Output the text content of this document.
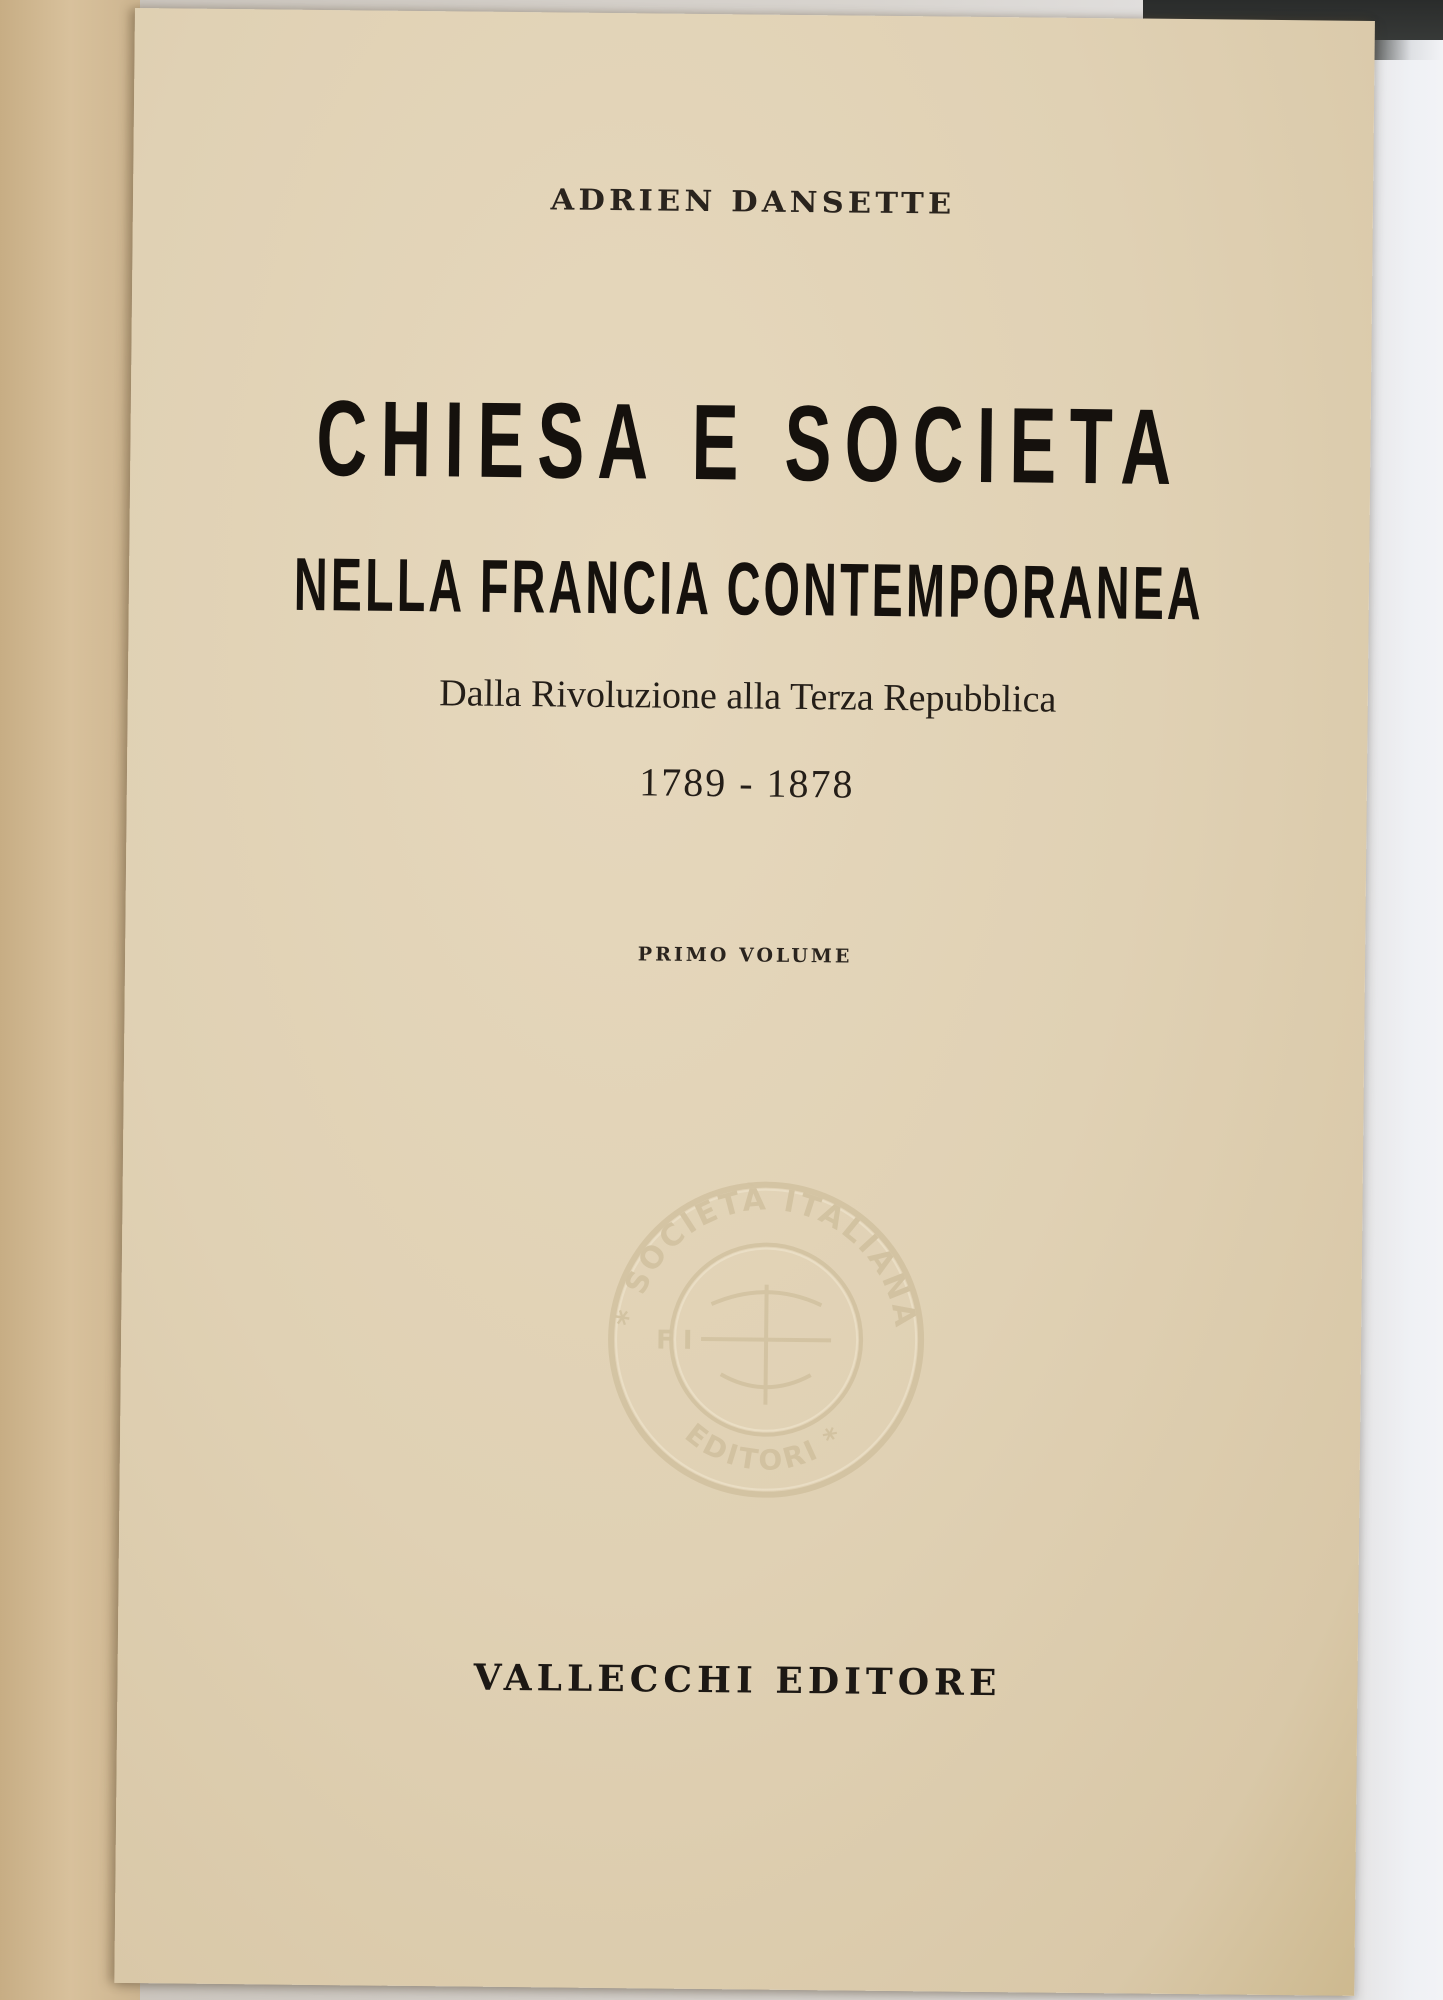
ADRIEN DANSETTE
CHIESA E SOCIETA
NELLA FRANCIA CONTEMPORANEA
Dalla Rivoluzione alla Terza Repubblica
1789 - 1878
PRIMO VOLUME
* SOCIETÀ ITALIANA
EDITORI *
F I
VALLECCHI EDITORE
